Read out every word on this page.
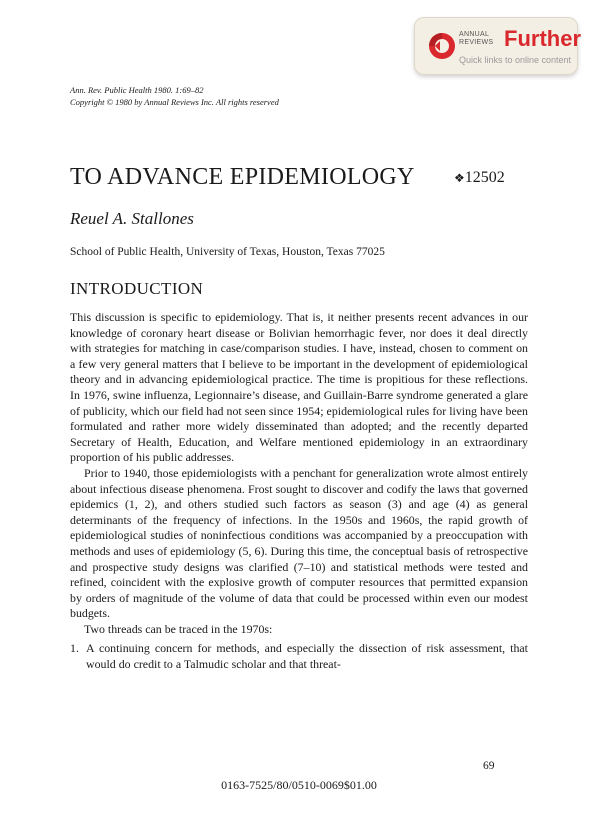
ANNUAL
REVIEWS Further
Quick links to online content
Ann. Rev. Public Health 1980. 1:69–82
Copyright © 1980 by Annual Reviews Inc. All rights reserved
TO ADVANCE EPIDEMIOLOGY	❖12502
Reuel A. Stallones
School of Public Health, University of Texas, Houston, Texas 77025
INTRODUCTION

This discussion is specific to epidemiology. That is, it neither presents recent advances in our knowledge of coronary heart disease or Bolivian hemorrhagic fever, nor does it deal directly with strategies for matching in case/comparison studies. I have, instead, chosen to comment on a few very general matters that I believe to be important in the development of epidemiological theory and in advancing epidemiological practice. The time is propitious for these reflections. In 1976, swine influenza, Legionnaire’s disease, and Guillain-Barre syndrome generated a glare of publicity, which our field had not seen since 1954; epidemiological rules for living have been formulated and rather more widely disseminated than adopted; and the recently departed Secretary of Health, Education, and Welfare mentioned epidemiology in an extraordinary proportion of his public addresses.

Prior to 1940, those epidemiologists with a penchant for generalization wrote almost entirely about infectious disease phenomena. Frost sought to discover and codify the laws that governed epidemics (1, 2), and others studied such factors as season (3) and age (4) as general determinants of the frequency of infections. In the 1950s and 1960s, the rapid growth of epidemiological studies of noninfectious conditions was accompanied by a preoccupation with methods and uses of epidemiology (5, 6). During this time, the conceptual basis of retrospective and prospective study designs was clarified (7–10) and statistical methods were tested and refined, coincident with the explosive growth of computer resources that permitted expansion by orders of magnitude of the volume of data that could be processed within even our modest budgets.

Two threads can be traced in the 1970s:

1. A continuing concern for methods, and especially the dissection of risk assessment, that would do credit to a Talmudic scholar and that threat-
69
0163-7525/80/0510-0069$01.00
